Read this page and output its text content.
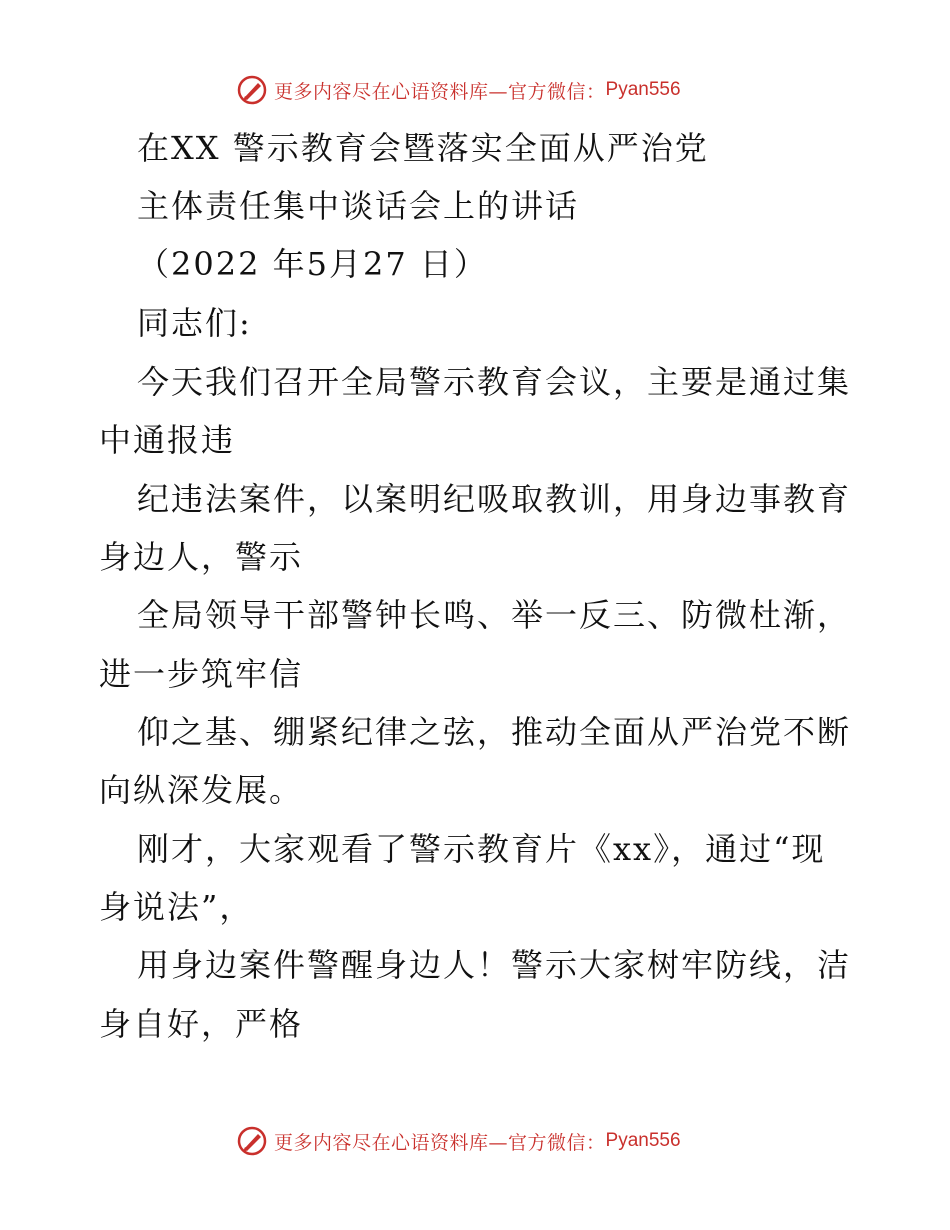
更多内容尽在心语资料库—官方微信： Pyan556
在XX 警示教育会暨落实全面从严治党
主体责任集中谈话会上的讲话

（2022 年5月27 日）

同志们:

今天我们召开全局警示教育会议，主要是通过集

中通报违

纪违法案件，以案明纪吸取教训，用身边事教育

身边人，警示

全局领导干部警钟长鸣、举一反三、防微杜渐，

进一步筑牢信

仰之基、绷紧纪律之弦，推动全面从严治党不断

向纵深发展。

刚才，大家观看了警示教育片《xx》，通过“现

身说法”，

用身边案件警醒身边人！警示大家树牢防线，洁

身自好，严格

更多内容尽在心语资料库—官方微信： Pyan556
